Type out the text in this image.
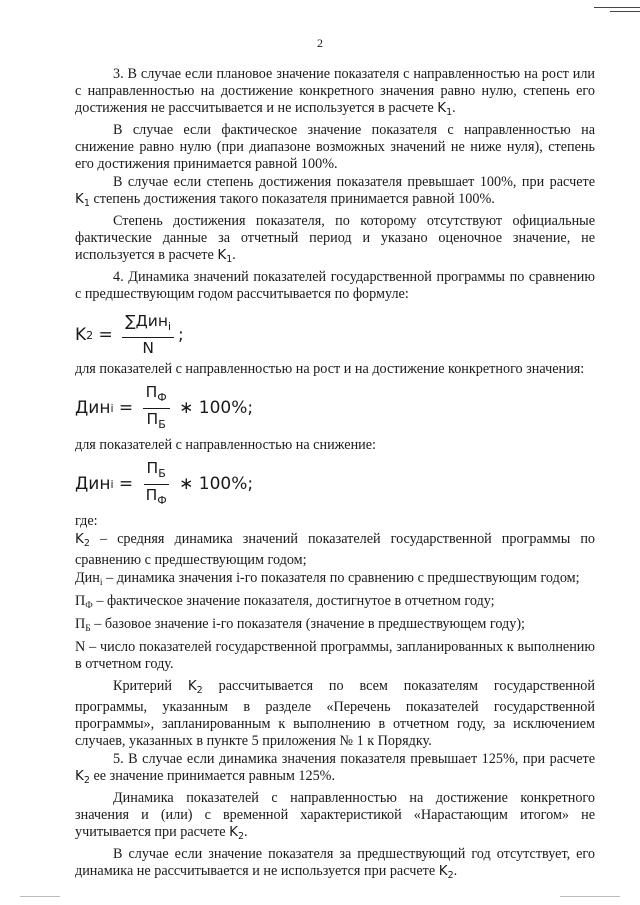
2

3. В случае если плановое значение показателя с направленностью на рост или с направленностью на достижение конкретного значения равно нулю, степень его достижения не рассчитывается и не используется в расчете $K_1$.

В случае если фактическое значение показателя с направленностью на снижение равно нулю (при диапазоне возможных значений не ниже нуля), степень его достижения принимается равной 100%.

В случае если степень достижения показателя превышает 100%, при расчете $K_1$ степень достижения такого показателя принимается равной 100%.

Степень достижения показателя, по которому отсутствуют официальные фактические данные за отчетный период и указано оценочное значение, не используется в расчете $K_1$.

4. Динамика значений показателей государственной программы по сравнению с предшествующим годом рассчитывается по формуле:

K $2 = \frac{\sum Дин_i}{N}$ ;

для показателей с направленностью на рост и на достижение конкретного значения:

Дин $i = \frac{П_Ф}{П_Б}$ ∗ 100%;

для показателей с направленностью на снижение:

Дин $i = \frac{П_Б}{П_Ф}$ ∗ 100%;

где:

$K_2$ – средняя динамика значений показателей государственной программы по сравнению с предшествующим годом;

Дин$_i$ – динамика значения i-го показателя по сравнению с предшествующим годом;

$П_Ф$ – фактическое значение показателя, достигнутое в отчетном году;

$П_Б$ – базовое значение i-го показателя (значение в предшествующем году);

N – число показателей государственной программы, запланированных к выполнению в отчетном году.

Критерий $K_2$ рассчитывается по всем показателям государственной программы, указанным в разделе «Перечень показателей государственной программы», запланированным к выполнению в отчетном году, за исключением случаев, указанных в пункте 5 приложения № 1 к Порядку.

5. В случае если динамика значения показателя превышает 125%, при расчете $K_2$ ее значение принимается равным 125%.

Динамика показателей с направленностью на достижение конкретного значения и (или) с временной характеристикой «Нарастающим итогом» не учитывается при расчете $K_2$.

В случае если значение показателя за предшествующий год отсутствует, его динамика не рассчитывается и не используется при расчете $K_2$.
